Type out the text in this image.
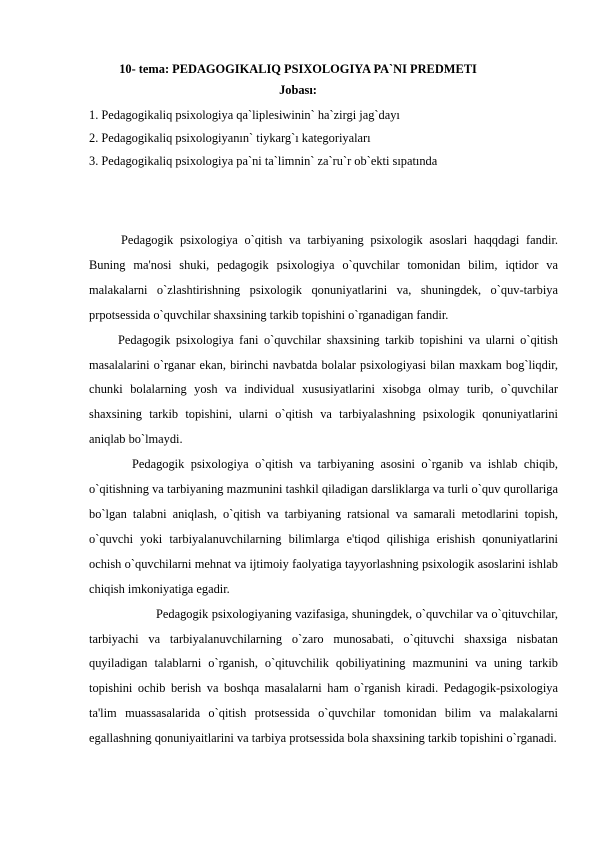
10- tema: PEDAGOGIKALIQ PSIXOLOGIYA PA`NI PREDMETI
Jobası:
1. Pedagogikaliq psixologiya qa`liplesiwinin` ha`zirgi jag`dayı
2. Pedagogikaliq psixologiyanın` tiykarg`ı kategoriyaları
3. Pedagogikaliq psixologiya pa`ni ta`limnin` za`ru`r ob`ekti sıpatında

Pedagogik psixologiya o`qitish va tarbiyaning psixologik asoslari haqqdagi fandir. Buning ma'nosi shuki, pedagogik psixologiya o`quvchilar tomonidan bilim, iqtidor va malakalarni o`zlashtirishning psixologik qonuniyatlarini va, shuningdek, o`quv-tarbiya prpotsessida o`quvchilar shaxsining tarkib topishini o`rganadigan fandir.

Pedagogik psixologiya fani o`quvchilar shaxsining tarkib topishini va ularni o`qitish masalalarini o`rganar ekan, birinchi navbatda bolalar psixologiyasi bilan maxkam bog`liqdir, chunki bolalarning yosh va individual xususiyatlarini xisobga olmay turib, o`quvchilar shaxsining tarkib topishini, ularni o`qitish va tarbiyalashning psixologik qonuniyatlarini aniqlab bo`lmaydi.

Pedagogik psixologiya o`qitish va tarbiyaning asosini o`rganib va ishlab chiqib, o`qitishning va tarbiyaning mazmunini tashkil qiladigan darsliklarga va turli o`quv qurollariga bo`lgan talabni aniqlash, o`qitish va tarbiyaning ratsional va samarali metodlarini topish, o`quvchi yoki tarbiyalanuvchilarning bilimlarga e'tiqod qilishiga erishish qonuniyatlarini ochish o`quvchilarni mehnat va ijtimoiy faolyatiga tayyorlashning psixologik asoslarini ishlab chiqish imkoniyatiga egadir.

Pedagogik psixologiyaning vazifasiga, shuningdek, o`quvchilar va o`qituvchilar, tarbiyachi va tarbiyalanuvchilarning o`zaro munosabati, o`qituvchi shaxsiga nisbatan quyiladigan talablarni o`rganish, o`qituvchilik qobiliyatining mazmunini va uning tarkib topishini ochib berish va boshqa masalalarni ham o`rganish kiradi. Pedagogik-psixologiya ta'lim muassasalarida o`qitish protsessida o`quvchilar tomonidan bilim va malakalarni egallashning qonuniyaitlarini va tarbiya protsessida bola shaxsining tarkib topishini o`rganadi.
